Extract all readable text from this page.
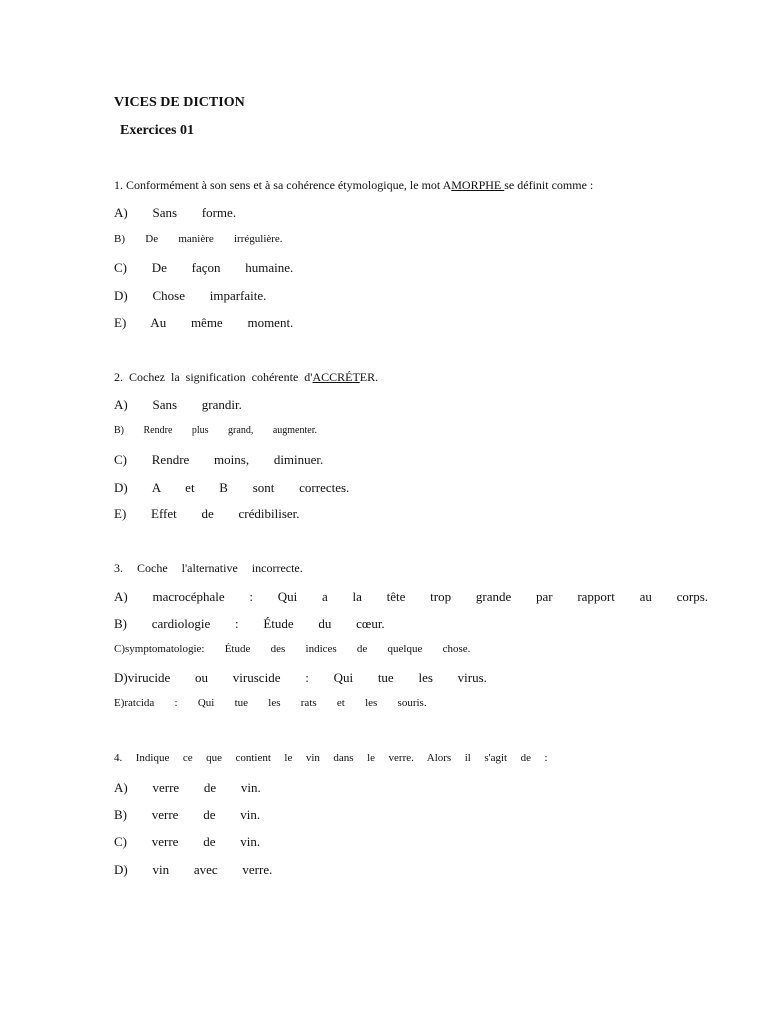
VICES DE DICTION
Exercices 01
1. Conformément à son sens et à sa cohérence étymologique, le mot AMORPHE se définit comme :
A)   Sans   forme.
B)   De   manière   irrégulière.
C)   De   façon   humaine.
D)   Chose   imparfaite.
E)   Au   même   moment.
2.  Cochez  la  signification  cohérente  d'ACCRÉTER.
A)   Sans   grandir.
B)   Rendre   plus   grand,   augmenter.
C)   Rendre   moins,   diminuer.
D)   A   et   B   sont   correctes.
E)   Effet   de   crédibiliser.
3.  Coche  l'alternative  incorrecte.
A)   macrocéphale   :   Qui   a   la   tête   trop   grande   par   rapport   au   corps.
B)   cardiologie   :   Étude   du   cœur.
C)symptomatologie:   Étude   des   indices   de   quelque   chose.
D)virucide   ou   viruscide   :   Qui   tue   les   virus.
E)ratcida   :   Qui   tue   les   rats   et   les   souris.
4.  Indique  ce  que  contient  le  vin  dans  le  verre.  Alors  il  s'agit  de  :
A)   verre   de   vin.
B)   verre   de   vin.
C)   verre   de   vin.
D)   vin   avec   verre.
